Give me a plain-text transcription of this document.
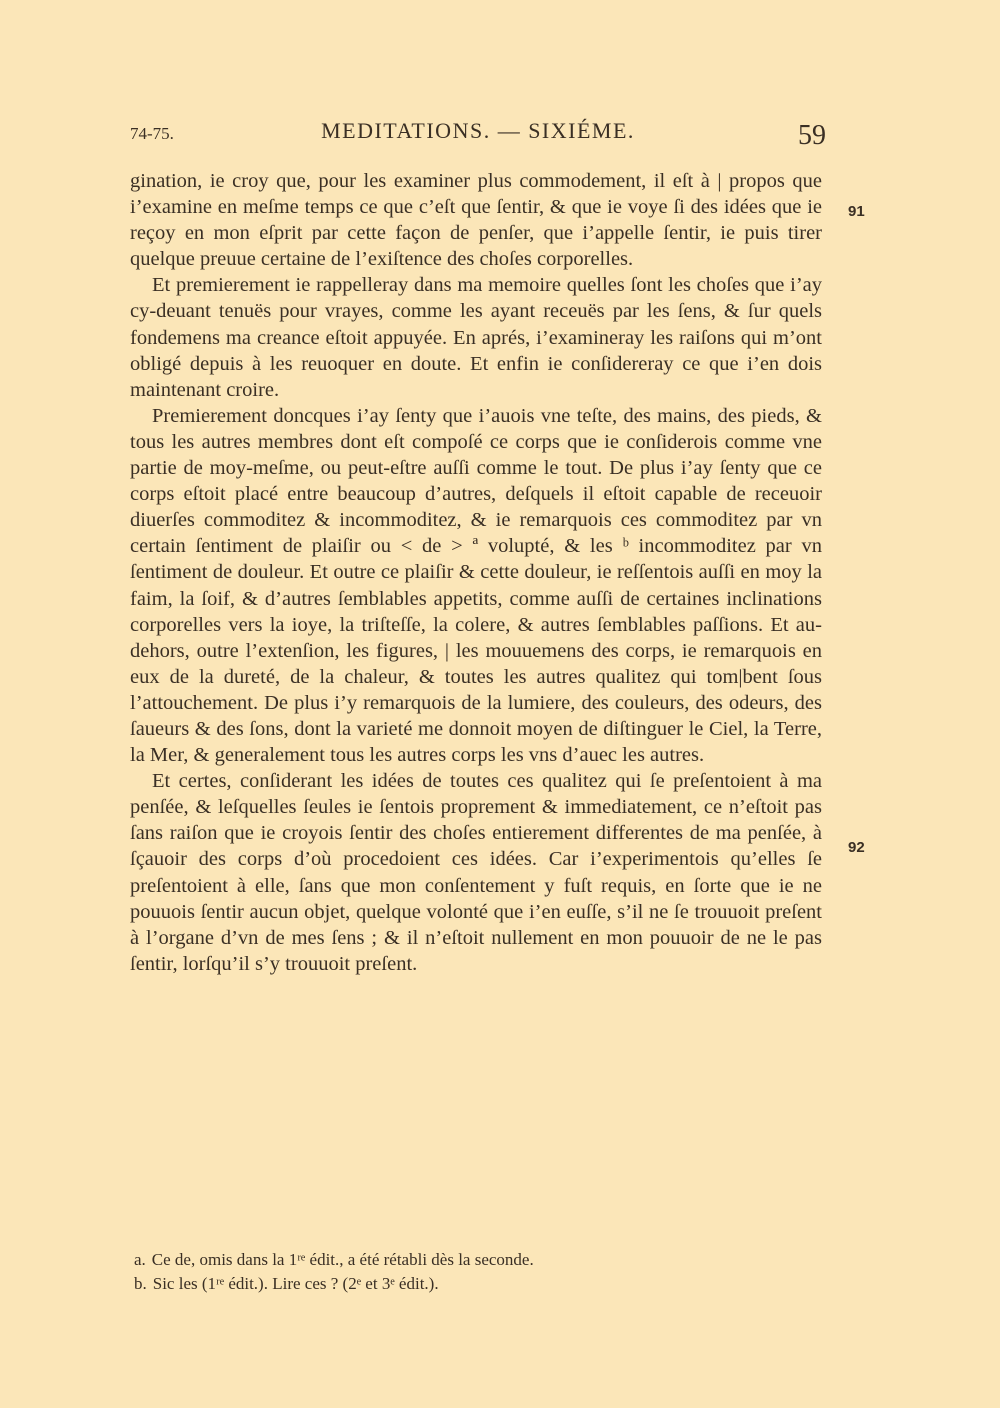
74-75.	MEDITATIONS. — SIXIÉME.	59

gination, ie croy que, pour les examiner plus commodement, il eſt à | propos que i’examine en meſme temps ce que c’eſt que ſentir, & que ie voye ſi des idées que ie reçoy en mon eſprit par cette façon de penſer, que i’appelle ſentir, ie puis tirer quelque preuue certaine de l’exiſtence des choſes corporelles.

Et premierement ie rappelleray dans ma memoire quelles ſont les choſes que i’ay cy-deuant tenuës pour vrayes, comme les ayant receuës par les ſens, & ſur quels fondemens ma creance eſtoit appuyée. En aprés, i’examineray les raiſons qui m’ont obligé depuis à les reuoquer en doute. Et enfin ie conſidereray ce que i’en dois maintenant croire.

Premierement doncques i’ay ſenty que i’auois vne teſte, des mains, des pieds, & tous les autres membres dont eſt compoſé ce corps que ie conſiderois comme vne partie de moy-meſme, ou peut-eſtre auſſi comme le tout. De plus i’ay ſenty que ce corps eſtoit placé entre beaucoup d’autres, deſquels il eſtoit capable de receuoir diuerſes commoditez & incommoditez, & ie remarquois ces commoditez par vn certain ſentiment de plaiſir ou < de > ª volupté, & les ᵇ incommoditez par vn ſentiment de douleur. Et outre ce plaiſir & cette douleur, ie reſſentois auſſi en moy la faim, la ſoif, & d’autres ſemblables appetits, comme auſſi de certaines inclinations corporelles vers la ioye, la triſteſſe, la colere, & autres ſemblables paſſions. Et au-dehors, outre l’extenſion, les figures, | les mouuemens des corps, ie remarquois en eux de la dureté, de la chaleur, & toutes les autres qualitez qui tom|bent ſous l’attouchement. De plus i’y remarquois de la lumiere, des couleurs, des odeurs, des ſaueurs & des ſons, dont la varieté me donnoit moyen de diſtinguer le Ciel, la Terre, la Mer, & generalement tous les autres corps les vns d’auec les autres.

Et certes, conſiderant les idées de toutes ces qualitez qui ſe preſentoient à ma penſée, & leſquelles ſeules ie ſentois proprement & immediatement, ce n’eſtoit pas ſans raiſon que ie croyois ſentir des choſes entierement differentes de ma penſée, à ſçauoir des corps d’où procedoient ces idées. Car i’experimentois qu’elles ſe preſentoient à elle, ſans que mon conſentement y fuſt requis, en ſorte que ie ne pouuois ſentir aucun objet, quelque volonté que i’en euſſe, s’il ne ſe trouuoit preſent à l’organe d’vn de mes ſens ; & il n’eſtoit nullement en mon pouuoir de ne le pas ſentir, lorſqu’il s’y trouuoit preſent.

91
92

a. Ce de, omis dans la 1ʳᵉ édit., a été rétabli dès la seconde.

b. Sic les (1ʳᵉ édit.). Lire ces ? (2ᵉ et 3ᵉ édit.).
